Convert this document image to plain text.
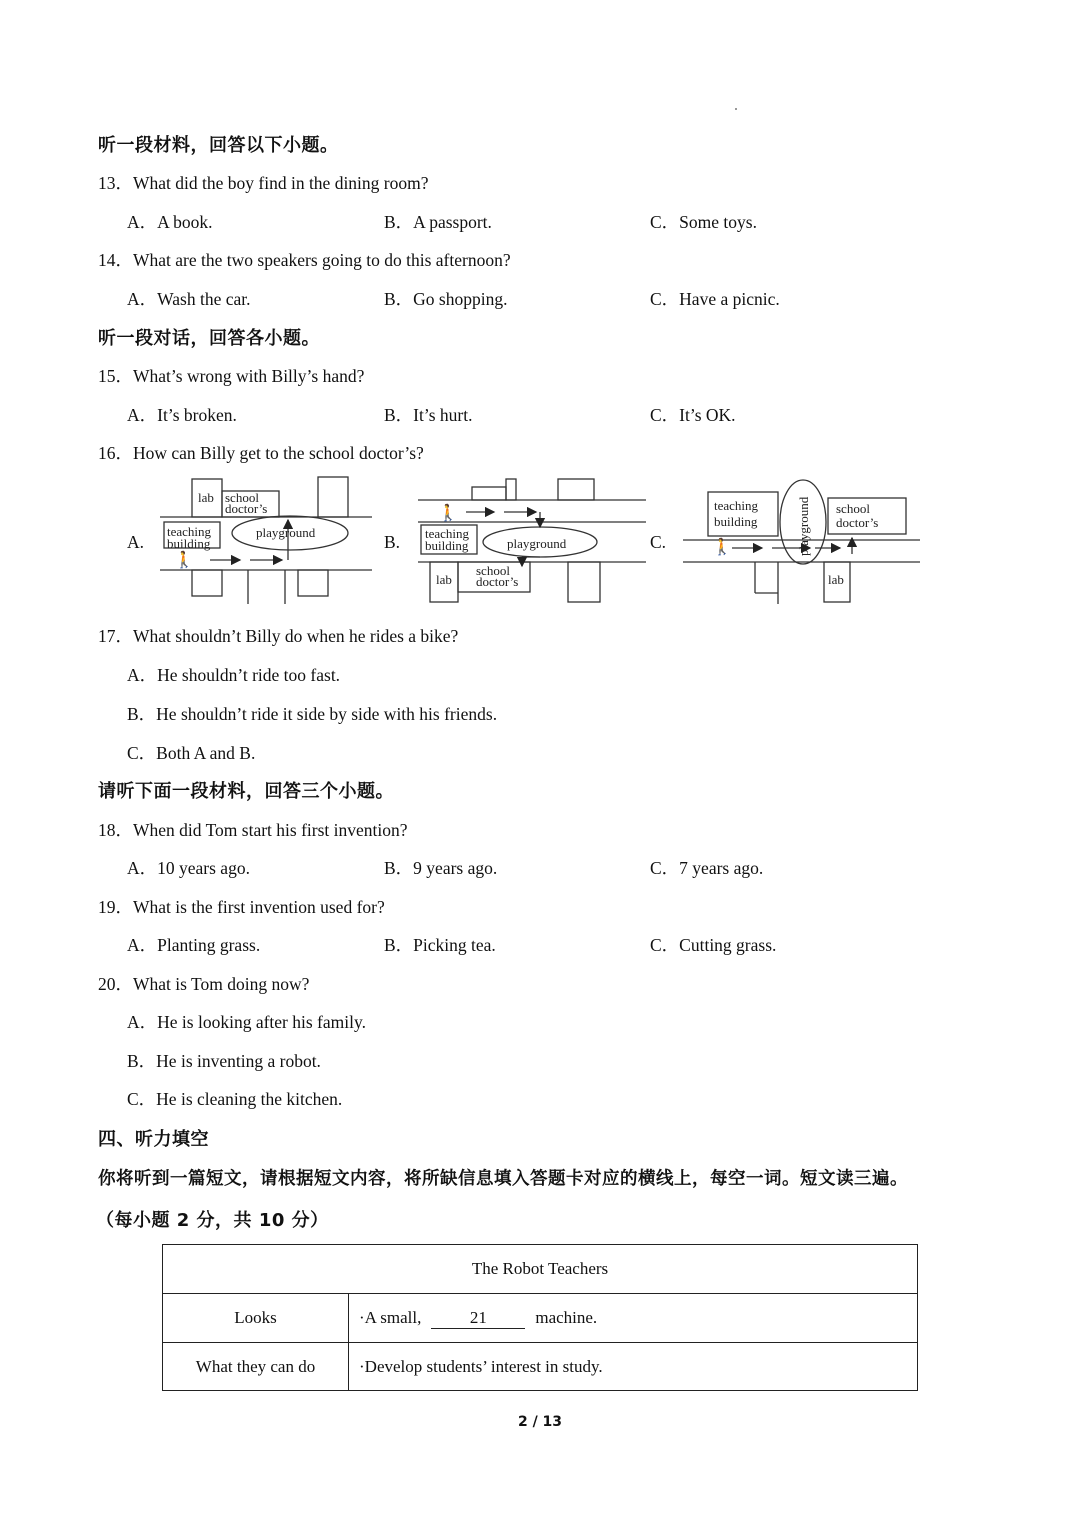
听一段材料，回答以下小题。
13．What did the boy find in the dining room?
A．A book.	B．A passport.	C．Some toys.
14．What are the two speakers going to do this afternoon?
A．Wash the car.	B．Go shopping.	C．Have a picnic.
听一段对话，回答各小题。
15．What’s wrong with Billy’s hand?
A．It’s broken.	B．It’s hurt.	C．It’s OK.
16．How can Billy get to the school doctor’s?
A.	B.	C.
🚶
🚶
🚶
lab school
doctor’s
teaching
building
playground	teaching
building	playground
lab
school
doctor’s
teaching
building	playground school
doctor’s
lab
17．What shouldn’t Billy do when he rides a bike?
A．He shouldn’t ride too fast.
B．He shouldn’t ride it side by side with his friends.
C．Both A and B.
请听下面一段材料，回答三个小题。
18．When did Tom start his first invention?
A．10 years ago.	B．9 years ago.	C．7 years ago.
19．What is the first invention used for?
A．Planting grass.	B．Picking tea.	C．Cutting grass.
20．What is Tom doing now?
A．He is looking after his family.
B．He is inventing a robot.
C．He is cleaning the kitchen.
四、听力填空
你将听到一篇短文，请根据短文内容，将所缺信息填入答题卡对应的横线上，每空一词。短文读三遍。
（每小题 2 分，共 10 分）
The Robot Teachers
Looks	·A small,	21	machine.
What they can do	·Develop students’ interest in study.
2 / 13
